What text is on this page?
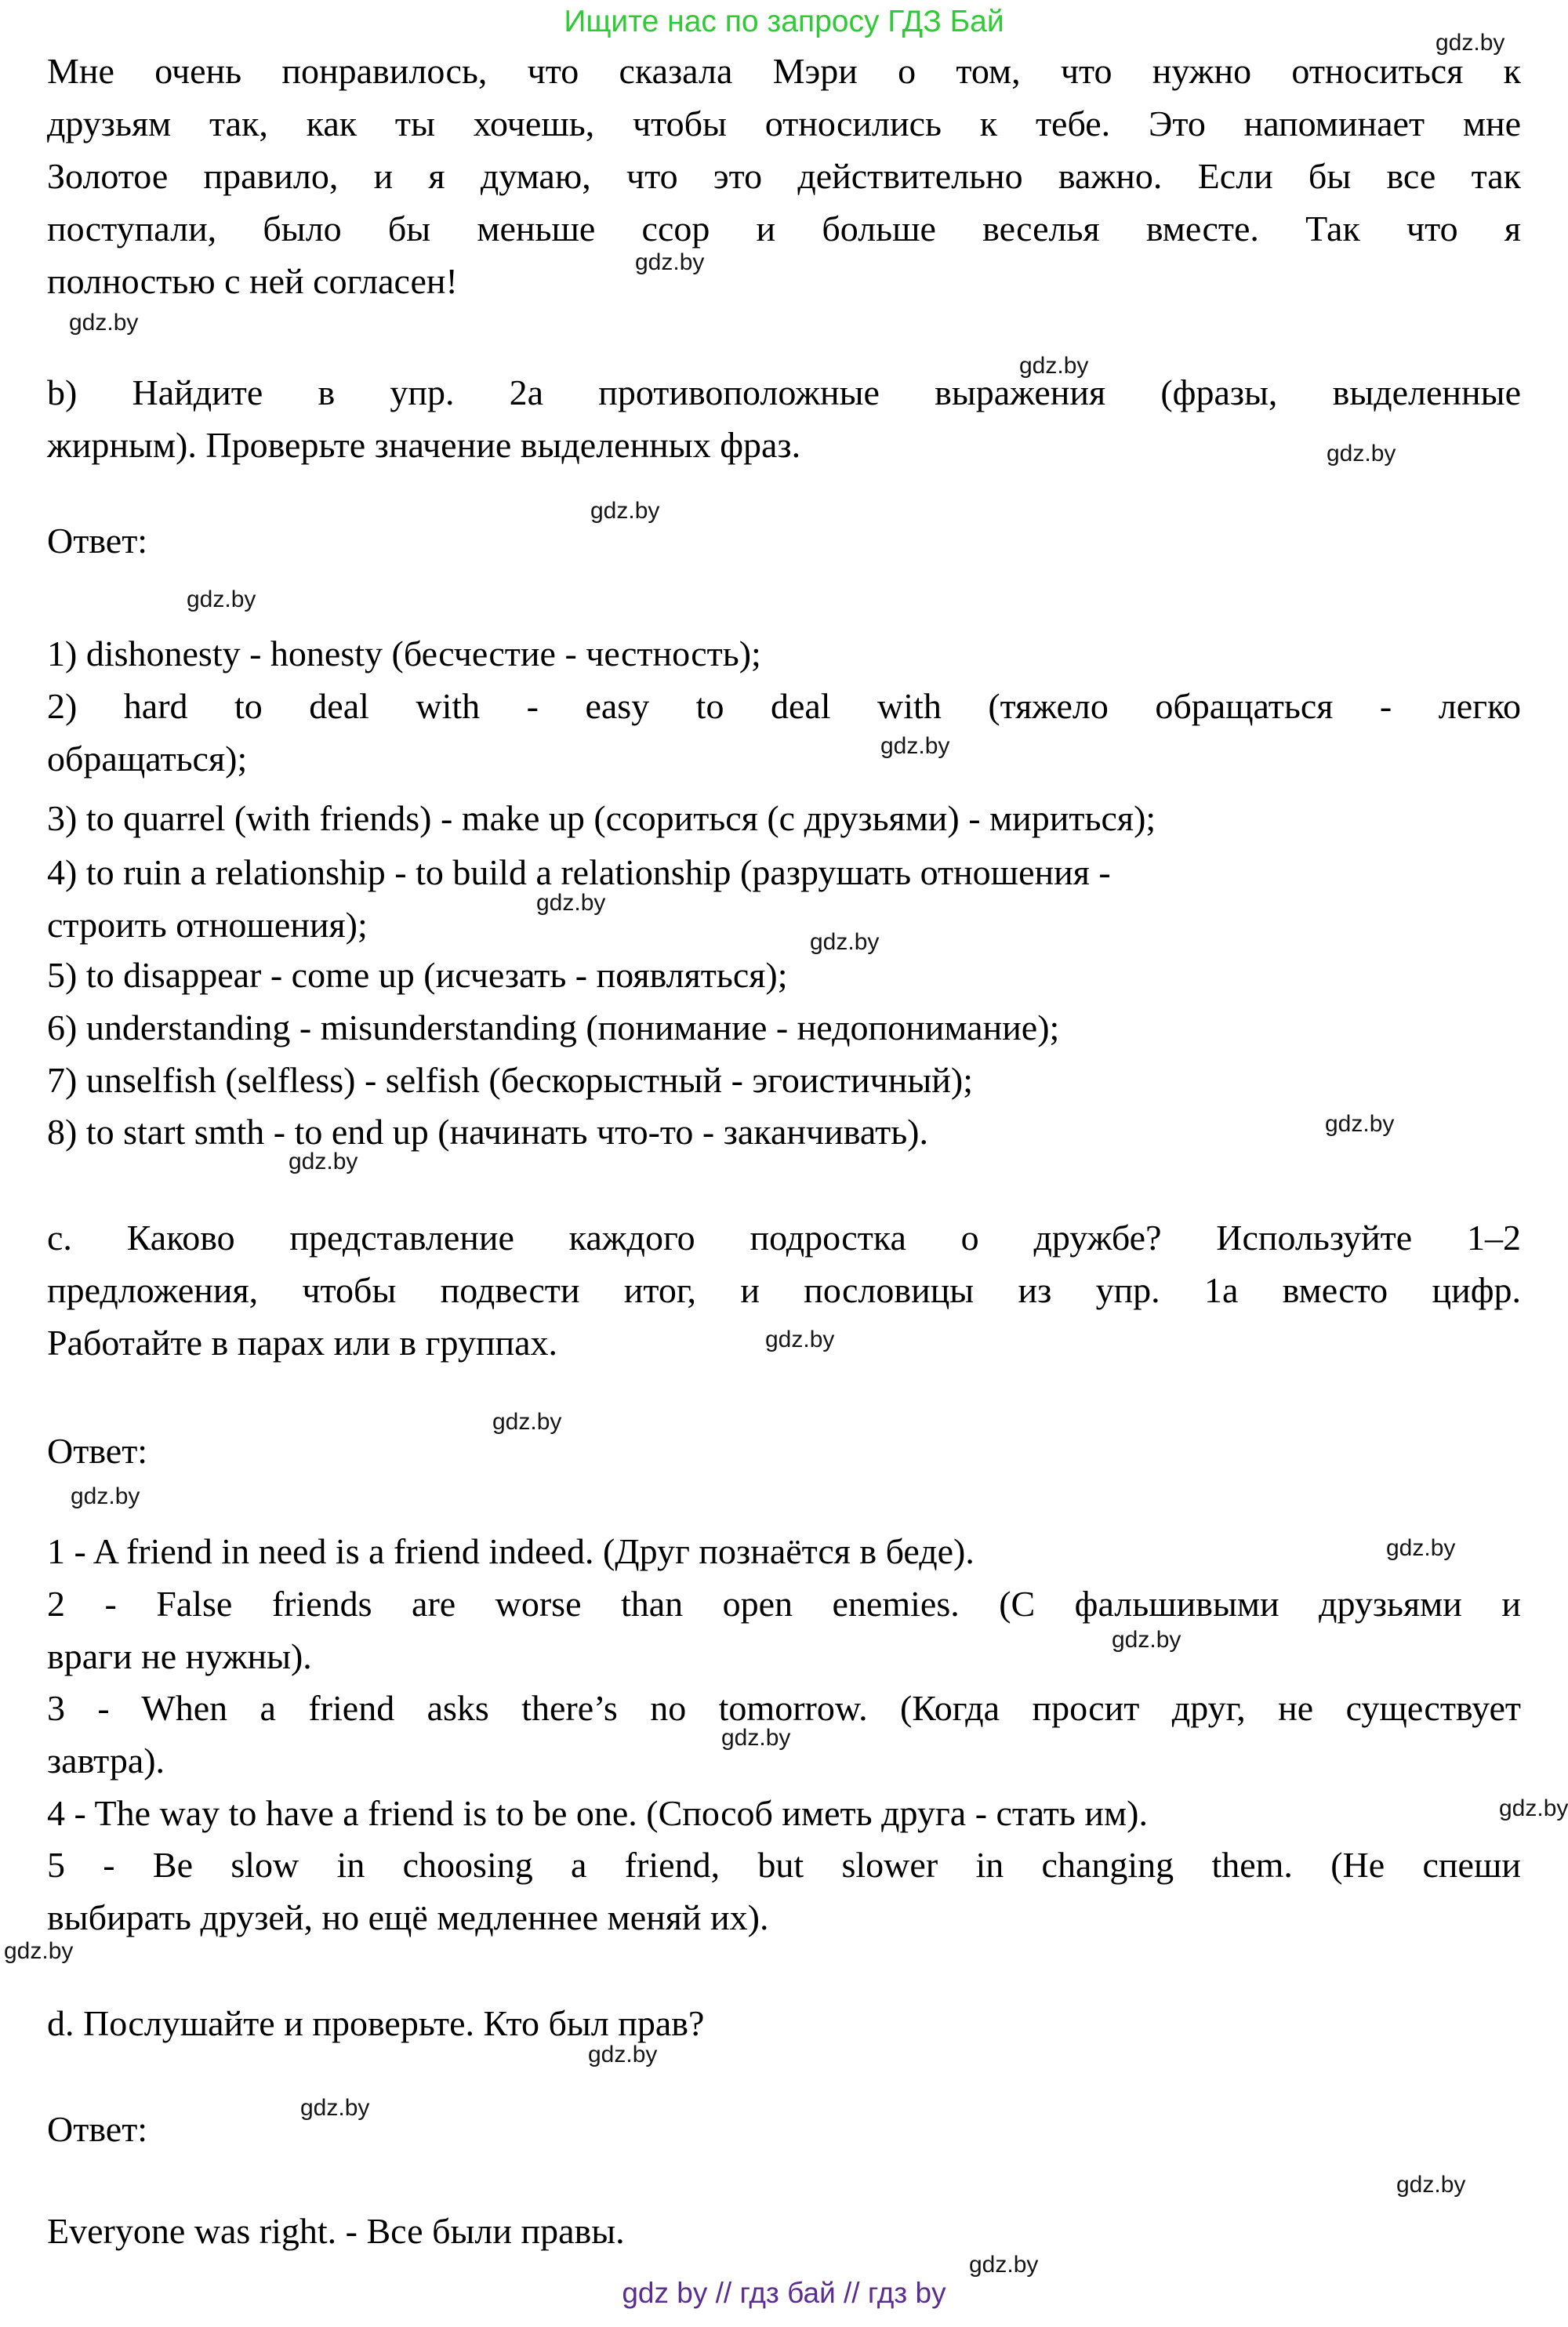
Ищите нас по запросу ГДЗ Бай
Мне очень понравилось, что сказала Мэри о том, что нужно относиться к
друзьям так, как ты хочешь, чтобы относились к тебе. Это напоминает мне
Золотое правило, и я думаю, что это действительно важно. Если бы все так
поступали, было бы меньше ссор и больше веселья вместе. Так что я
полностью с ней согласен!
b) Найдите в упр. 2а противоположные выражения (фразы, выделенные
жирным). Проверьте значение выделенных фраз.
Ответ:
1) dishonesty - honesty (бесчестие - честность);
2) hard to deal with - easy to deal with (тяжело обращаться - легко
обращаться);
3) to quarrel (with friends) - make up (ссориться (с друзьями) - мириться);
4) to ruin a relationship - to build a relationship (разрушать отношения -
строить отношения);
5) to disappear - come up (исчезать - появляться);
6) understanding - misunderstanding (понимание - недопонимание);
7) unselfish (selfless) - selfish (бескорыстный - эгоистичный);
8) to start smth - to end up (начинать что-то - заканчивать).
c. Каково представление каждого подростка о дружбе? Используйте 1–2
предложения, чтобы подвести итог, и пословицы из упр. 1а вместо цифр.
Работайте в парах или в группах.
Ответ:
1 - A friend in need is a friend indeed. (Друг познаётся в беде).
2 - False friends are worse than open enemies. (С фальшивыми друзьями и
враги не нужны).
3 - When a friend asks there’s no tomorrow. (Когда просит друг, не существует
завтра).
4 - The way to have a friend is to be one. (Способ иметь друга - стать им).
5 - Be slow in choosing a friend, but slower in changing them. (Не спеши
выбирать друзей, но ещё медленнее меняй их).
d. Послушайте и проверьте. Кто был прав?
Ответ:
Everyone was right. - Все были правы.
gdz by // гдз бай // гдз by
gdz.by
gdz.by
gdz.by
gdz.by
gdz.by
gdz.by
gdz.by
gdz.by
gdz.by
gdz.by
gdz.by
gdz.by
gdz.by
gdz.by
gdz.by
gdz.by
gdz.by
gdz.by
gdz.by
gdz.by
gdz.by
gdz.by
gdz.by
gdz.by
